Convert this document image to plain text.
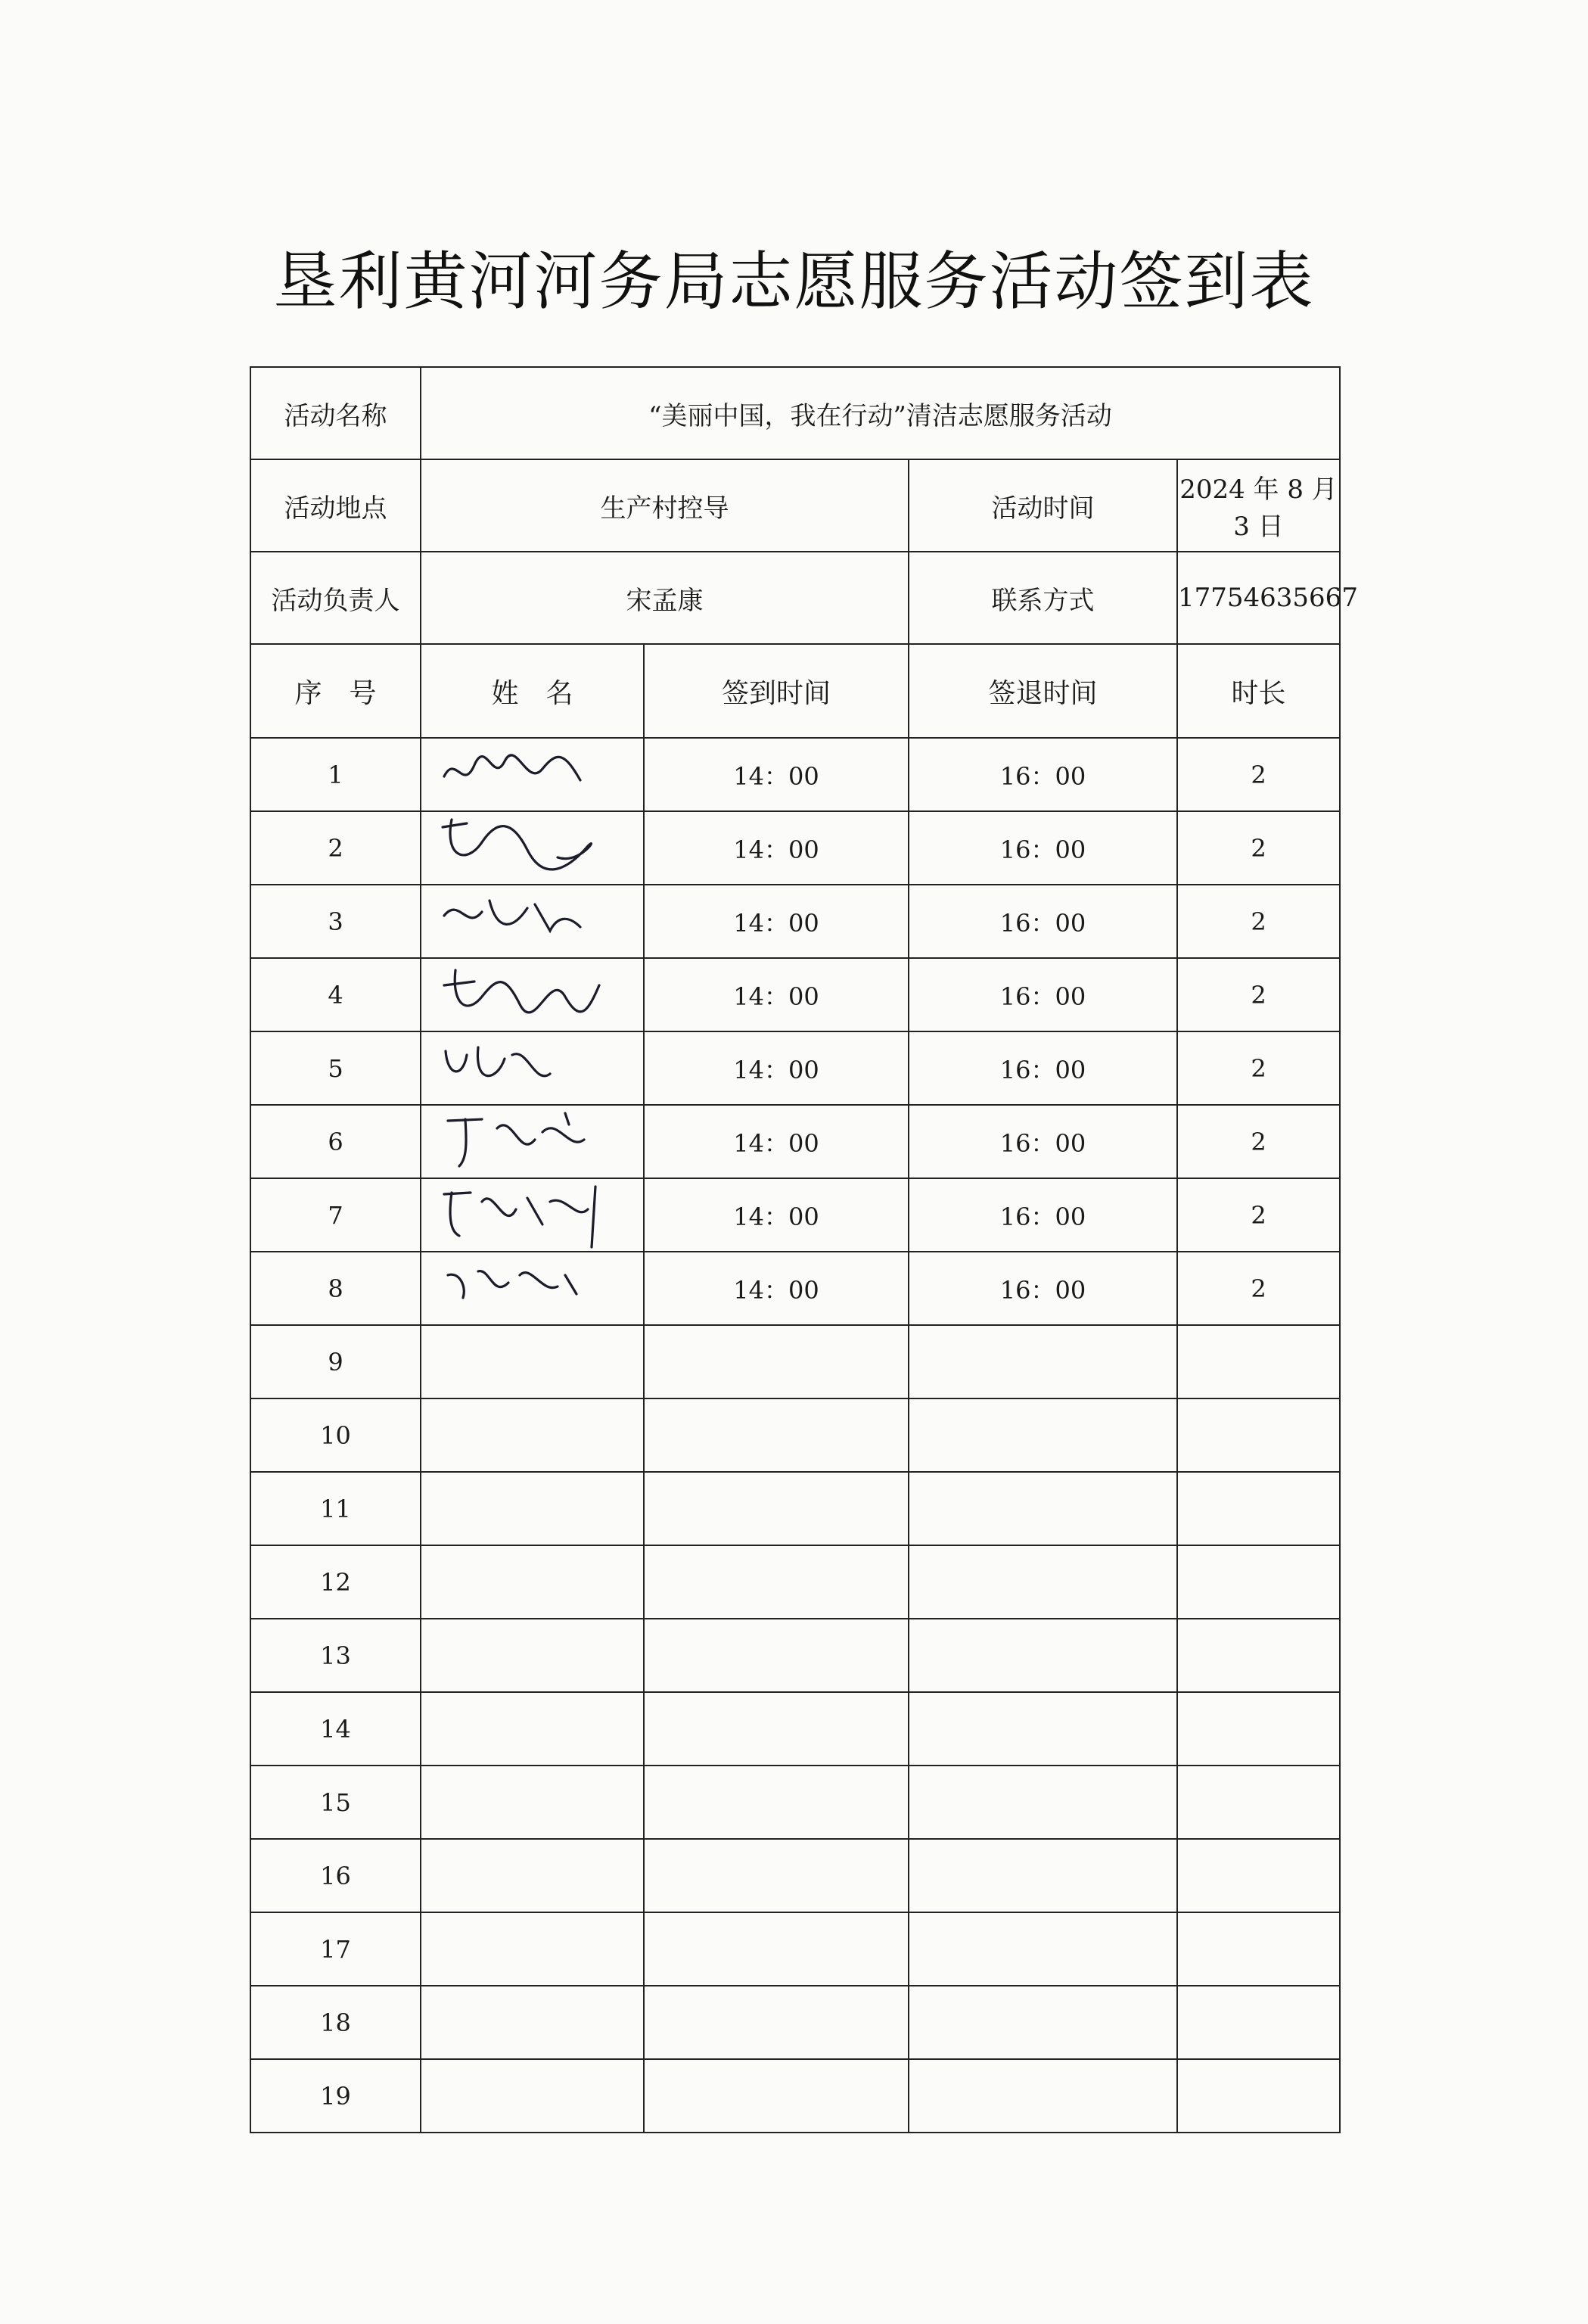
垦利黄河河务局志愿服务活动签到表
活动名称	“美丽中国，我在行动”清洁志愿服务活动			
活动地点	生产村控导		活动时间	2024 年 8 月 3 日
活动负责人	宋孟康		联系方式	17754635667
序　号	姓　名	签到时间	签退时间	时长
1		14：00	16：00	2
2		14：00	16：00	2
3		14：00	16：00	2
4		14：00	16：00	2
5		14：00	16：00	2
6		14：00	16：00	2
7		14：00	16：00	2
8		14：00	16：00	2
9				
10				
11				
12				
13				
14				
15				
16				
17				
18				
19				
